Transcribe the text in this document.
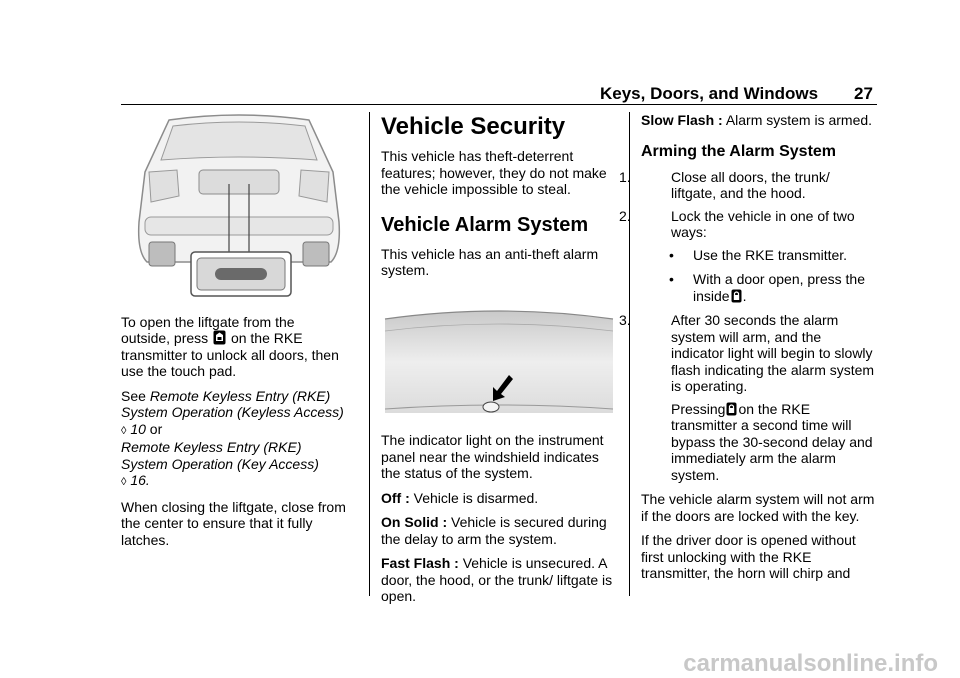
Keys, Doors, and Windows 27
To open the liftgate from the
outside, press on the RKE
transmitter to unlock all doors, then
use the touch pad.
See Remote Keyless Entry (RKE)
System Operation (Keyless Access)
◊ 10 or
Remote Keyless Entry (RKE)
System Operation (Key Access)
◊ 16.

When closing the liftgate, close from the center to ensure that it fully latches.

Vehicle Security

This vehicle has theft-deterrent features; however, they do not make the vehicle impossible to steal.

Vehicle Alarm System

This vehicle has an anti-theft alarm system.

The indicator light on the instrument panel near the windshield indicates the status of the system.

Off : Vehicle is disarmed.

On Solid : Vehicle is secured during the delay to arm the system.

Fast Flash : Vehicle is unsecured. A door, the hood, or the trunk/ liftgate is open.

Slow Flash : Alarm system is armed.

Arming the Alarm System
1.	Close all doors, the trunk/ liftgate, and the hood.
2.	Lock the vehicle in one of two ways:
• Use the RKE transmitter.
• With a door open, press the inside .
3.	After 30 seconds the alarm system will arm, and the indicator light will begin to slowly flash indicating the alarm system is operating.
Pressing on the RKE transmitter a second time will bypass the 30-second delay and immediately arm the alarm system.

The vehicle alarm system will not arm if the doors are locked with the key.

If the driver door is opened without first unlocking with the RKE transmitter, the horn will chirp and

carmanualsonline.info
